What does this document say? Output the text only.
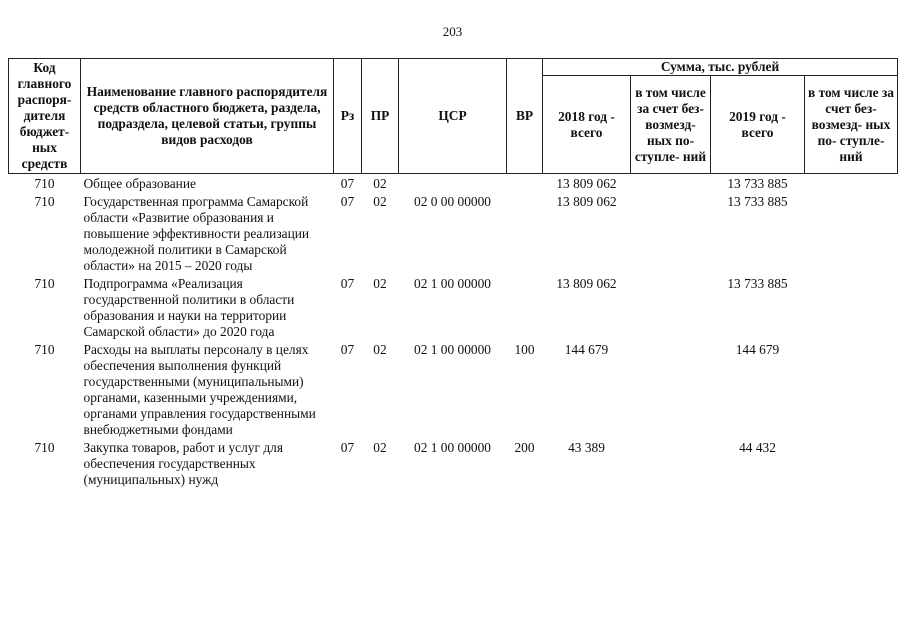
203
Код главного распоря- дителя бюджет- ных средств	Наименование главного распорядителя средств областного бюджета, раздела, подраздела, целевой статьи, группы видов расходов	Рз	ПР	ЦСР	ВР	Сумма, тыс. рублей			
						2018 год - всего	в том числе за счет без- возмезд- ных по- ступле- ний	2019 год - всего	в том числе за счет без- возмезд- ных по- ступле- ний
710	Общее образование	07	02			13 809 062		13 733 885	
710	Государственная программа Самарской области «Развитие образования и повышение эффективности реализации молодежной политики в Самарской области» на 2015 – 2020 годы	07	02	02 0 00 00000		13 809 062		13 733 885	
710	Подпрограмма «Реализация государственной политики в области образования и науки на территории Самарской области» до 2020 года	07	02	02 1 00 00000		13 809 062		13 733 885	
710	Расходы на выплаты персоналу в целях обеспечения выполнения функций государственными (муниципальными) органами, казенными учреждениями, органами управления государственными внебюджетными фондами	07	02	02 1 00 00000	100	144 679		144 679	
710	Закупка товаров, работ и услуг для обеспечения государственных (муниципальных) нужд	07	02	02 1 00 00000	200	43 389		44 432	
